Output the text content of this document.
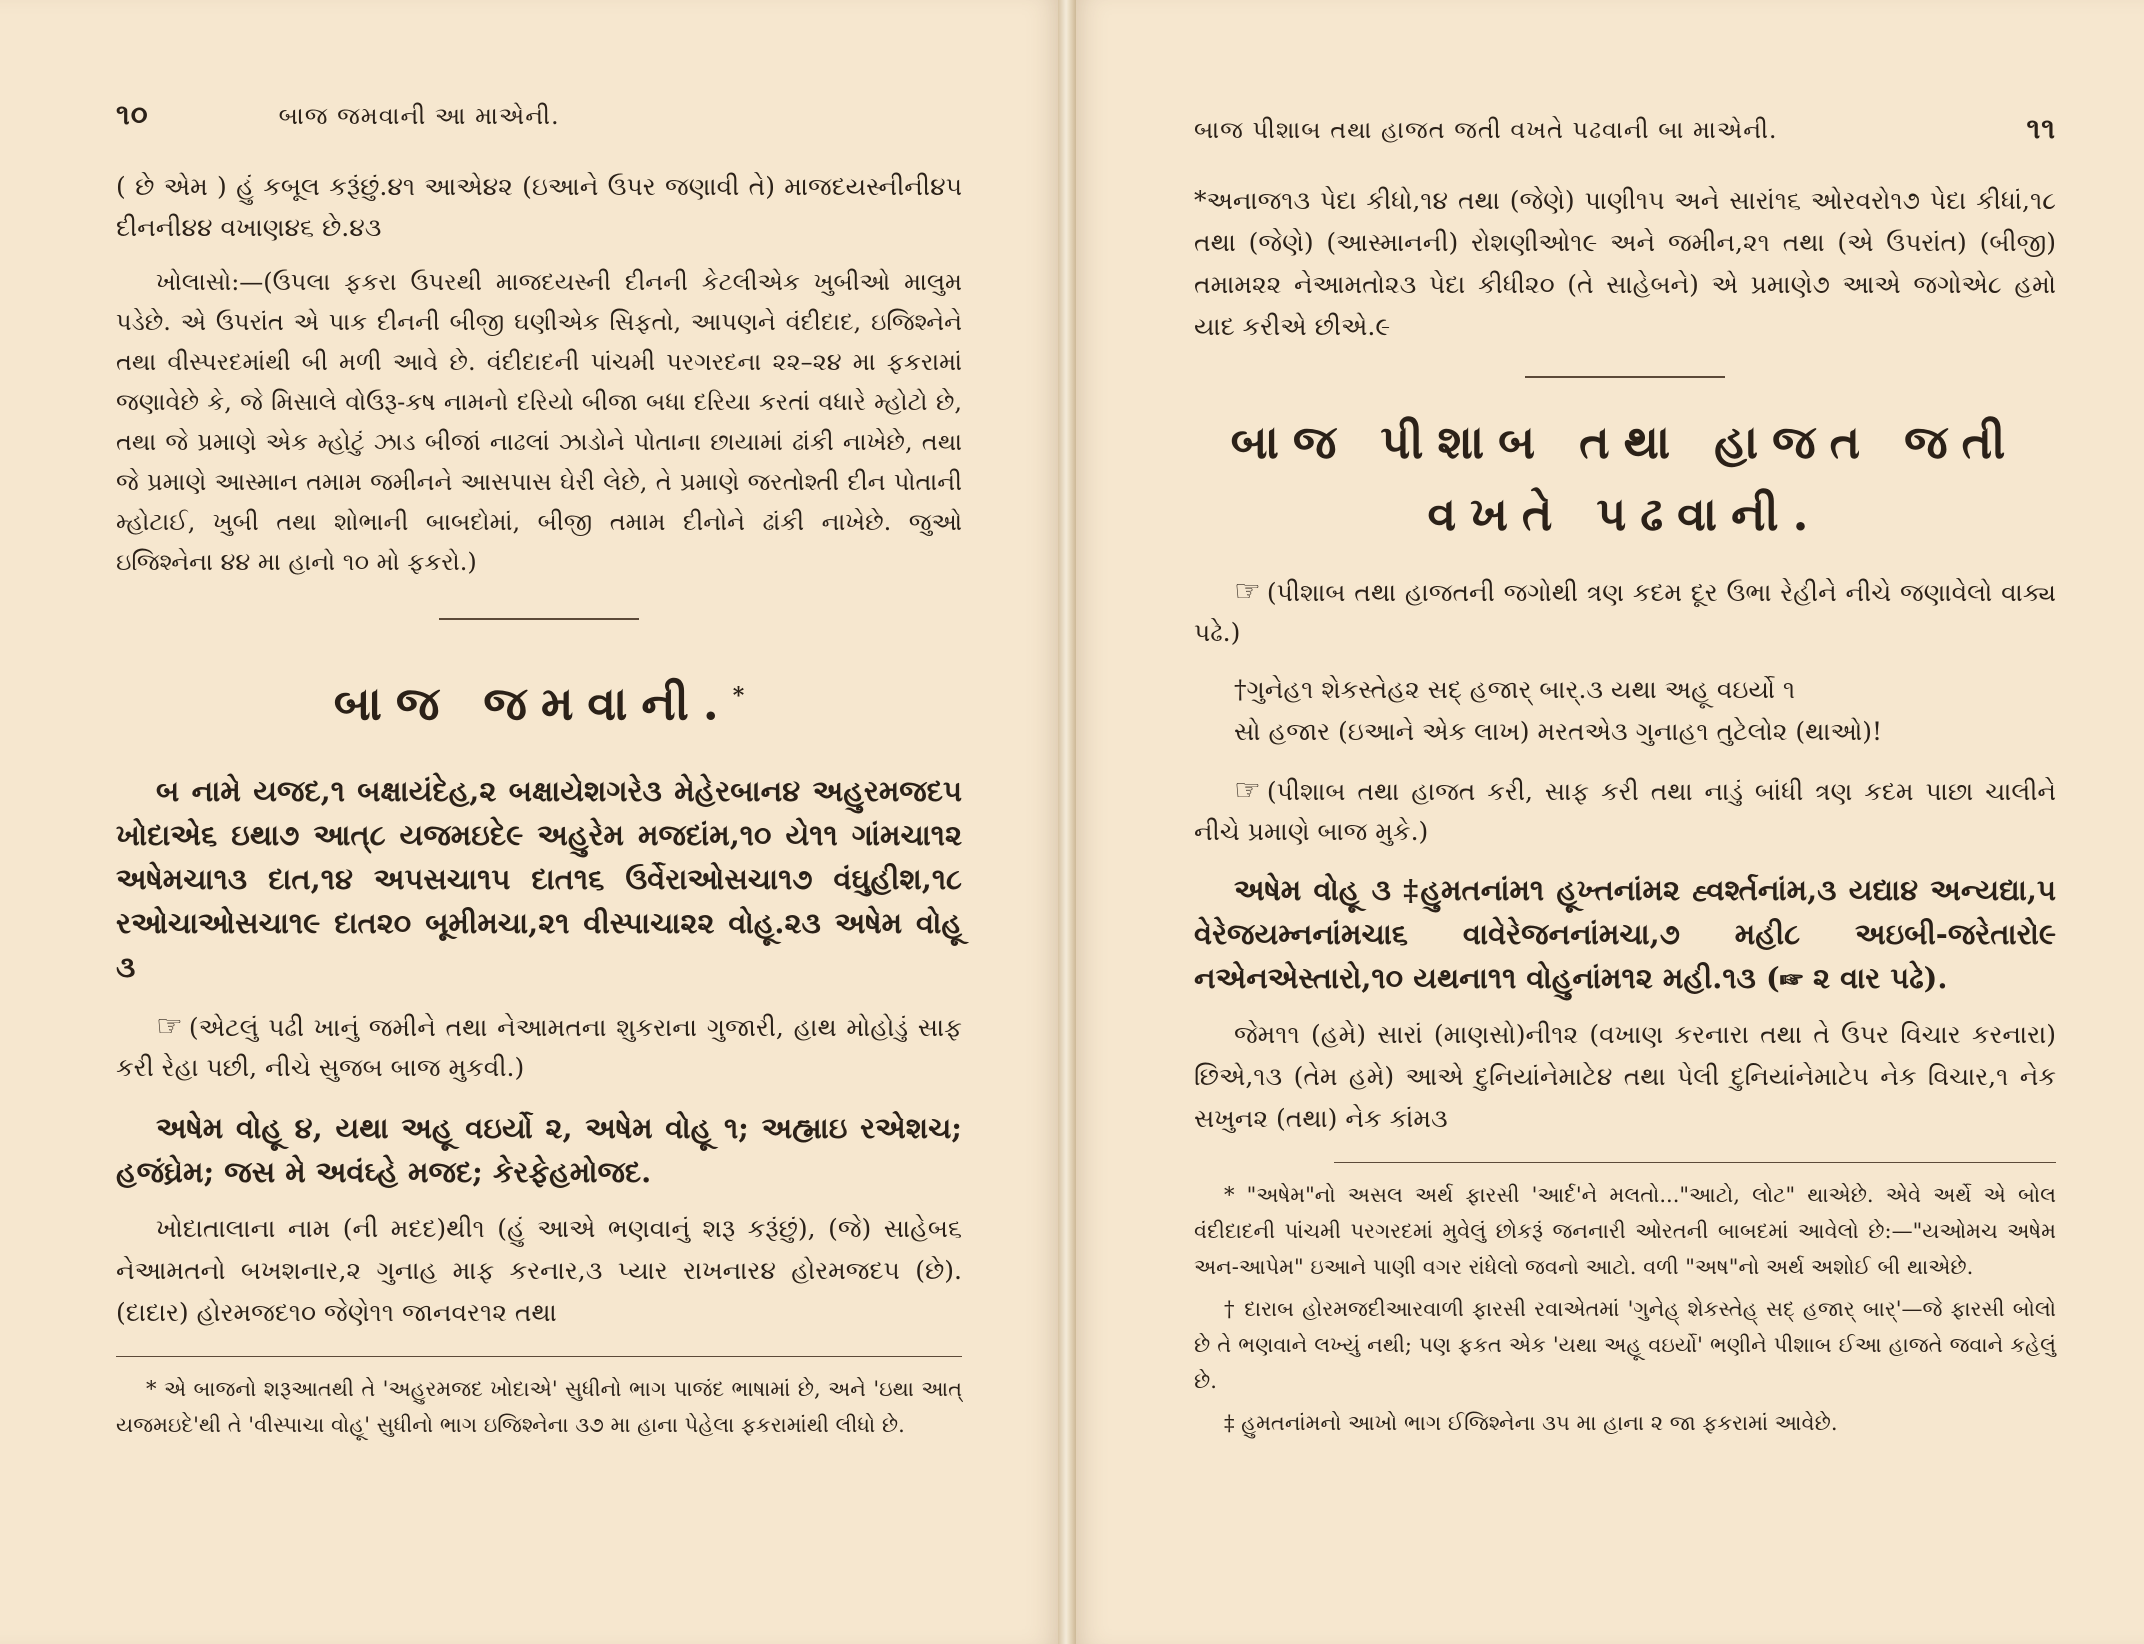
૧૦	બાજ જમવાની આ માએની.

( છે એમ ) હું કબૂલ કરૂંછું.૪૧ આએ૪૨ (ઇઆને ઉપર જણાવી તે) માજદયસ્નીની૪૫ દીનની૪૪ વખાણ૪૬ છે.૪૩

ખોલાસો:—(ઉપલા ફકરા ઉપરથી માજદયસ્ની દીનની કેટલીએક ખુબીઓ માલુમ પડેછે. એ ઉપરાંત એ પાક દીનની બીજી ઘણીએક સિફતો, આપણને વંદીદાદ, ઇજિશ્નેને તથા વીસ્પરદમાંથી બી મળી આવે છે. વંદીદાદની પાંચમી પરગરદના ૨૨–૨૪ મા ફકરામાં જણાવેછે કે, જે મિસાલે વોઉરૂ-કષ નામનો દરિયો બીજા બધા દરિયા કરતાં વધારે મ્હોટો છે, તથા જે પ્રમાણે એક મ્હોટું ઝાડ બીજાં નાઢલાં ઝાડોને પોતાના છાયામાં ઢાંકી નાખેછે, તથા જે પ્રમાણે આસ્માન તમામ જમીનને આસપાસ ઘેરી લેછે, તે પ્રમાણે જરતોશ્તી દીન પોતાની મ્હોટાઈ, ખુબી તથા શોભાની બાબદોમાં, બીજી તમામ દીનોને ઢાંકી નાખેછે. જુઓ ઇજિશ્નેના ૪૪ મા હાનો ૧૦ મો ફકરો.)

બાજ જમવાની.*

બ નામે યજદ,૧ બક્ષાયંદેહ,૨ બક્ષાયેશગરે૩ મેહેરબાન૪ અહુરમજદ૫ ખોદાએ૬ ઇથા૭ આત્૮ યજમઇદે૯ અહુરેમ મજદાંમ,૧૦ યે૧૧ ગાંમચા૧૨ અષેમચા૧૩ દાત,૧૪ અપસચા૧૫ દાત૧૬ ઉર્વેરાઓસચા૧૭ વંઘુહીશ,૧૮ રઓચાઓસચા૧૯ દાત૨૦ બૂમીમચા,૨૧ વીસ્પાચા૨૨ વોહૂ.૨૩ અષેમ વોહૂ ૩

☞ (એટલું પઢી ખાનું જમીને તથા નેઆમતના શુકરાના ગુજારી, હાથ મોહોડું સાફ કરી રેહા પછી, નીચે સુજબ બાજ મુકવી.)

અષેમ વોહૂ ૪, યથા અહૂ વઇર્યો ૨, અષેમ વોહૂ ૧; અહ્માઇ રએશચ; હજંઘ્રેમ; જસ મે અવંઘ્હે મજદ; કેરફેહમોજદ.

ખોદાતાલાના નામ (ની મદદ)થી૧ (હું આએ ભણવાનું શરૂ કરૂંછું), (જે) સાહેબ૬ નેઆમતનો બખશનાર,૨ ગુનાહ માફ કરનાર,૩ પ્યાર રાખનાર૪ હોરમજદ૫ (છે). (દાદાર) હોરમજદ૧૦ જેણે૧૧ જાનવર૧૨ તથા

* એ બાજનો શરૂઆતથી તે 'અહુરમજદ ખોદાએ' સુધીનો ભાગ પાજંદ ભાષામાં છે, અને 'ઇથા આત્ યજમઇદે'થી તે 'વીસ્પાચા વોહૂ' સુધીનો ભાગ ઇજિશ્નેના ૩૭ મા હાના પેહેલા ફકરામાંથી લીધો છે.

બાજ પીશાબ તથા હાજત જતી વખતે પઢવાની બા માએની.	૧૧

*અનાજ૧૩ પેદા કીધો,૧૪ તથા (જેણે) પાણી૧૫ અને સારાં૧૬ ઓરવરો૧૭ પેદા કીધાં,૧૮ તથા (જેણે) (આસ્માનની) રોશણીઓ૧૯ અને જમીન,૨૧ તથા (એ ઉપરાંત) (બીજી) તમામ૨૨ નેઆમતો૨૩ પેદા કીધી૨૦ (તે સાહેબને) એ પ્રમાણે૭ આએ જગોએ૮ હમો યાદ કરીએ છીએ.૯

બાજ પીશાબ તથા હાજત જતી
વખતે પઢવાની.

☞ (પીશાબ તથા હાજતની જગોથી ત્રણ કદમ દૂર ઉભા રેહીને નીચે જણાવેલો વાક્ય પઢે.)

†ગુનેહ૧ શેકસ્તેહ૨ સદ્ હજાર્ બાર્.૩ યથા અહૂ વઇર્યો ૧

સો હજાર (ઇઆને એક લાખ) મરતએ૩ ગુનાહ૧ તુટેલો૨ (થાઓ)!

☞ (પીશાબ તથા હાજત કરી, સાફ કરી તથા નાડું બાંધી ત્રણ કદમ પાછા ચાલીને નીચે પ્રમાણે બાજ મુકે.)

અષેમ વોહૂ ૩ ‡હુમતનાંમ૧ હૂખ્તનાંમ૨ હ્વર્શ્તનાંમ,૩ યદ્યા૪ અન્યદ્યા,૫ વેરેજયમ્નનાંમચા૬ વાવેરેજનનાંમચા,૭ મહી૮ અઇબી-જરેતારો૯ નએનએસ્તારો,૧૦ યથના૧૧ વોહુનાંમ૧૨ મહી.૧૩ (☞ ૨ વાર પઢે).

જેમ૧૧ (હમે) સારાં (માણસો)ની૧૨ (વખાણ કરનારા તથા તે ઉપર વિચાર કરનારા) છિએ,૧૩ (તેમ હમે) આએ દુનિયાંનેમાટે૪ તથા પેલી દુનિયાંનેમાટે૫ નેક વિચાર,૧ નેક સખુન૨ (તથા) નેક કાંમ૩

* "અષેમ"નો અસલ અર્થ ફારસી 'આર્દ'ને મલતો..."આટો, લોટ" થાએછે. એવે અર્થે એ બોલ વંદીદાદની પાંચમી પરગરદમાં મુવેલું છોકરૂં જનનારી ઓરતની બાબદમાં આવેલો છે:—"યઓમચ અષેમ અન-આપેમ" ઇઆને પાણી વગર રાંધેલો જવનો આટો. વળી "અષ"નો અર્થ અશોઈ બી થાએછે.

† દારાબ હોરમજદીઆરવાળી ફારસી રવાએતમાં 'ગુનેહ્ શેકસ્તેહ્ સદ્ હજાર્ બાર્'—જે ફારસી બોલો છે તે ભણવાને લખ્યું નથી; પણ ફકત એક 'યથા અહૂ વઇર્યો' ભણીને પીશાબ ઈઆ હાજતે જવાને કહેલું છે.

‡ હુમતનાંમનો આખો ભાગ ઈજિશ્નેના ૩૫ મા હાના ૨ જા ફકરામાં આવેછે.
